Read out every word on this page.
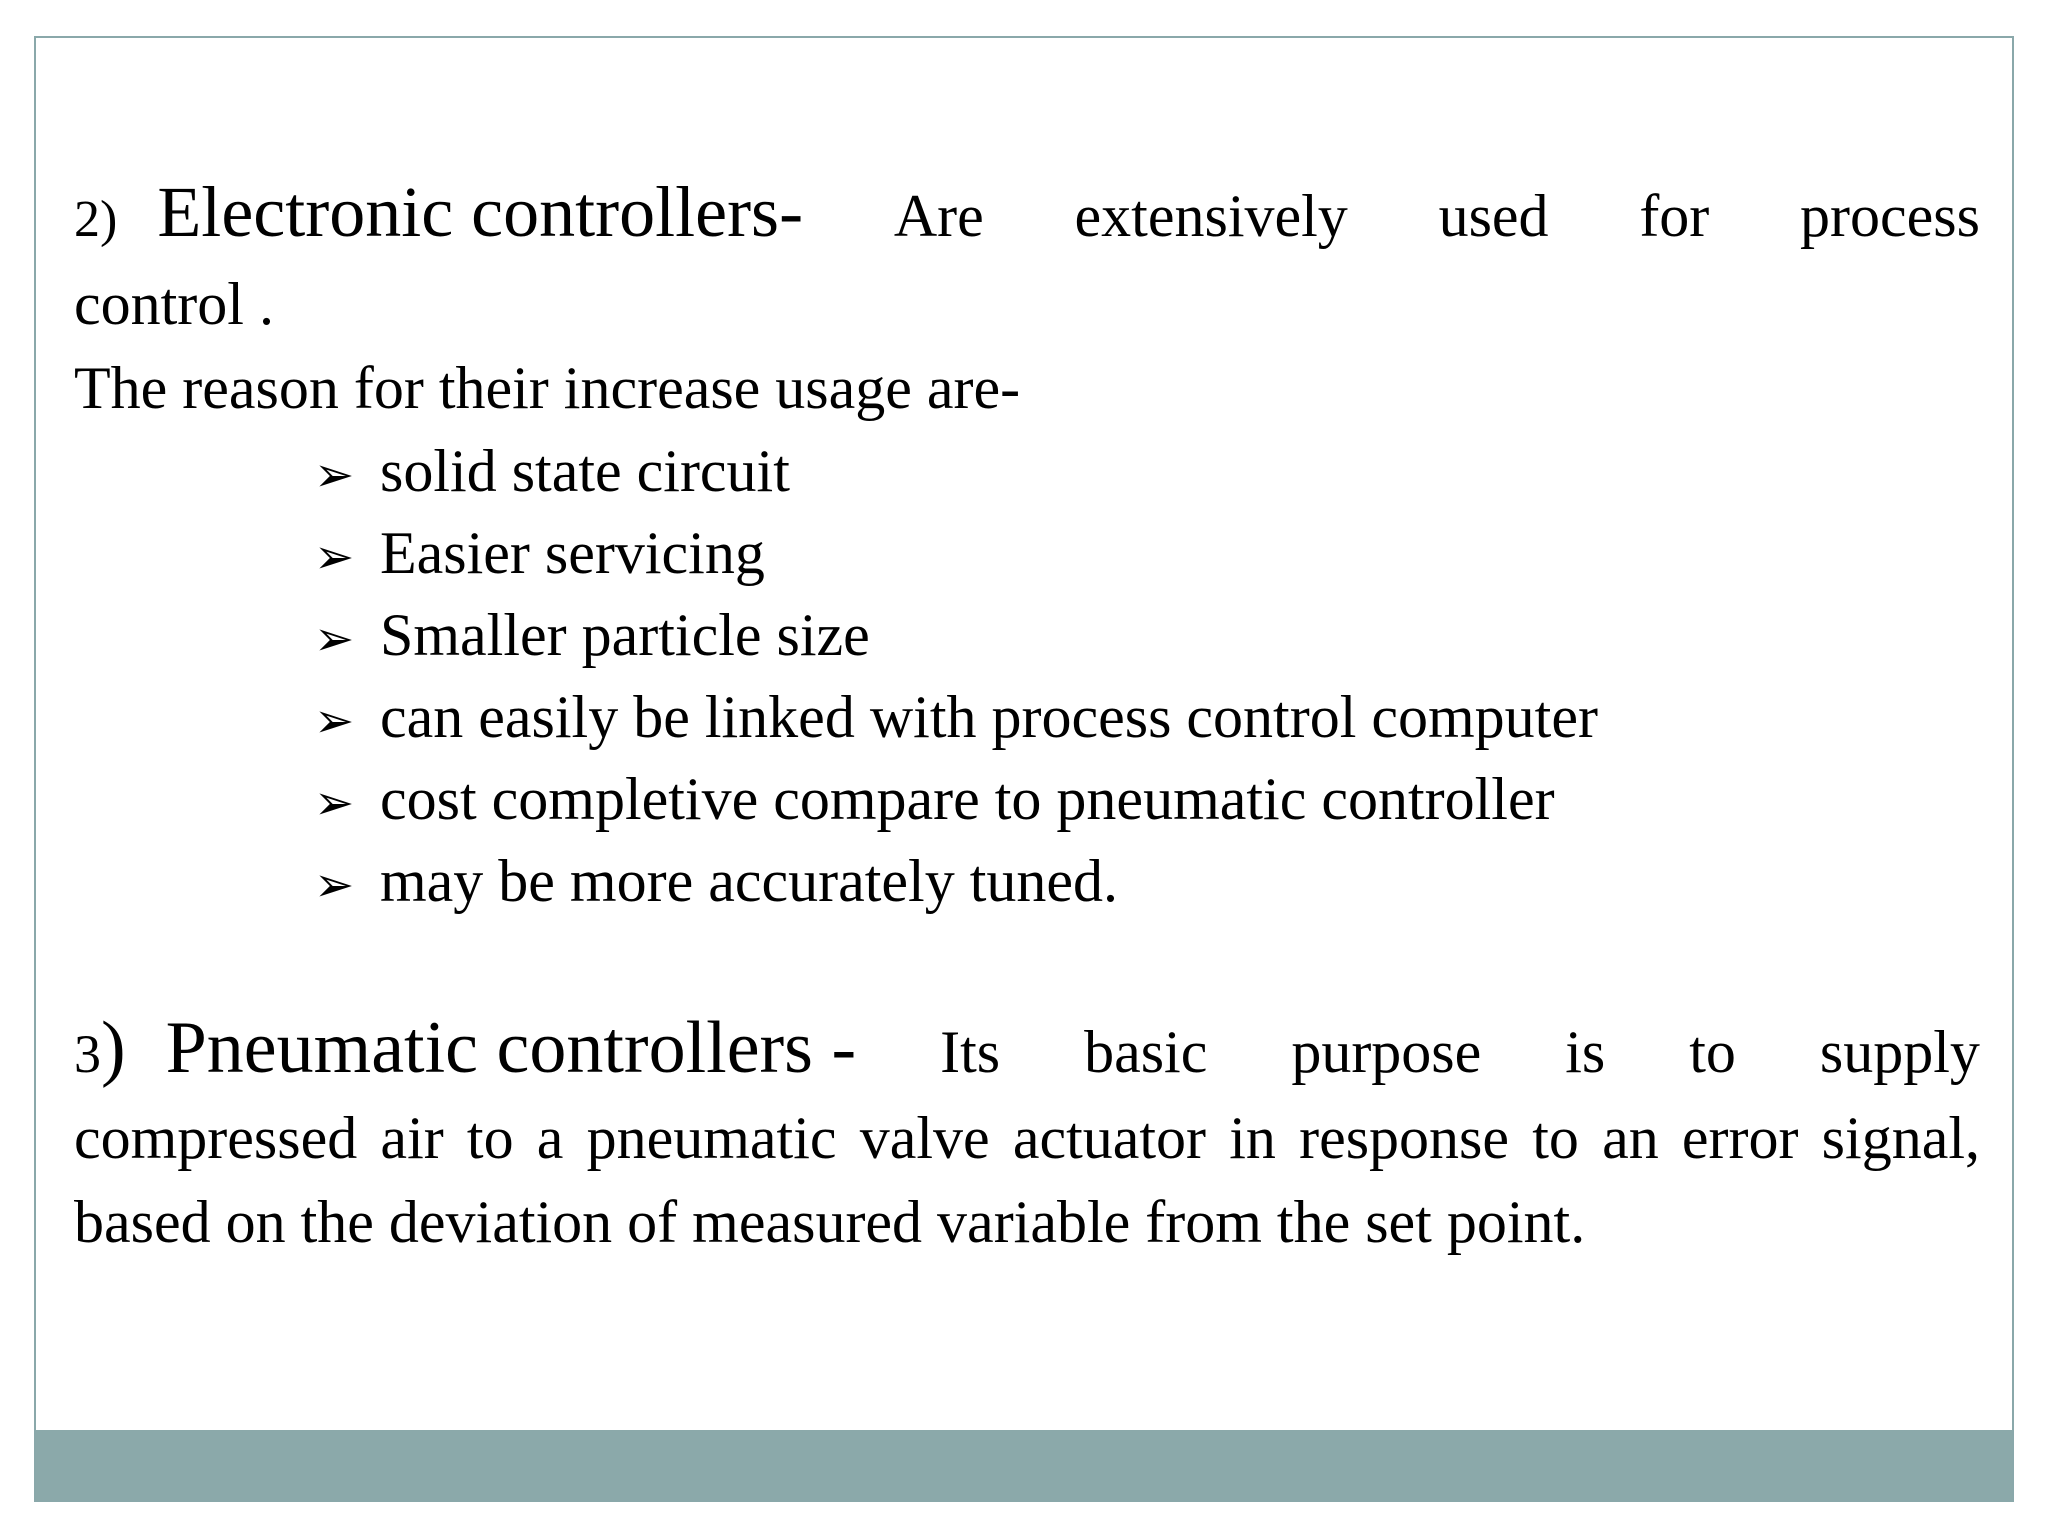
2) Electronic controllers- Are extensively used for process

control .

The reason for their increase usage are-

➢ solid state circuit
➢ Easier servicing
➢ Smaller particle size
➢ can easily be linked with process control computer
➢ cost completive compare to pneumatic controller
➢ may be more accurately tuned.
3 ) Pneumatic controllers - Its basic purpose is to supply

compressed air to a pneumatic valve actuator in response to an error signal, based on the deviation of measured variable from the set point.
